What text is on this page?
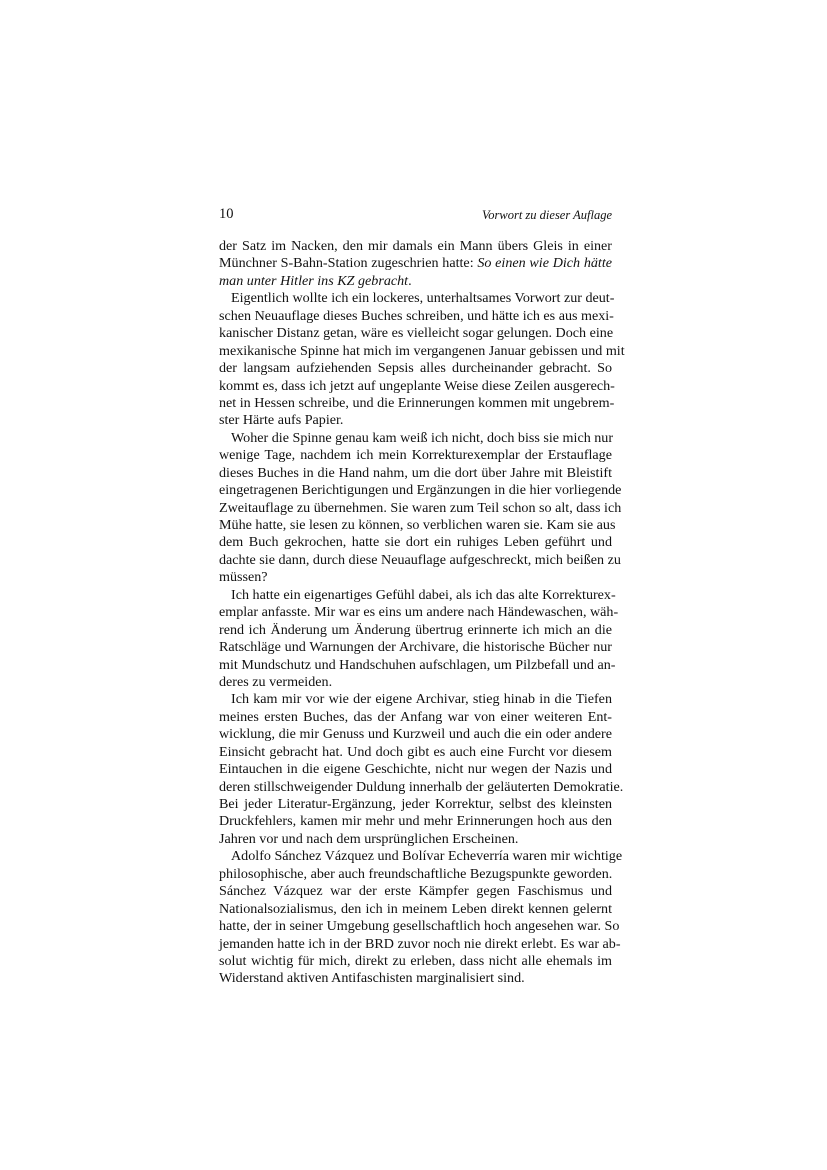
10	Vorwort zu dieser Auflage

der Satz im Nacken, den mir damals ein Mann übers Gleis in einer
Münchner S-Bahn-Station zugeschrien hatte: So einen wie Dich hätte
man unter Hitler ins KZ gebracht.

Eigentlich wollte ich ein lockeres, unterhaltsames Vorwort zur deut-
schen Neuauflage dieses Buches schreiben, und hätte ich es aus mexi-
kanischer Distanz getan, wäre es vielleicht sogar gelungen. Doch eine
mexikanische Spinne hat mich im vergangenen Januar gebissen und mit
der langsam aufziehenden Sepsis alles durcheinander gebracht. So
kommt es, dass ich jetzt auf ungeplante Weise diese Zeilen ausgerech-
net in Hessen schreibe, und die Erinnerungen kommen mit ungebrem-
ster Härte aufs Papier.

Woher die Spinne genau kam weiß ich nicht, doch biss sie mich nur
wenige Tage, nachdem ich mein Korrekturexemplar der Erstauflage
dieses Buches in die Hand nahm, um die dort über Jahre mit Bleistift
eingetragenen Berichtigungen und Ergänzungen in die hier vorliegende
Zweitauflage zu übernehmen. Sie waren zum Teil schon so alt, dass ich
Mühe hatte, sie lesen zu können, so verblichen waren sie. Kam sie aus
dem Buch gekrochen, hatte sie dort ein ruhiges Leben geführt und
dachte sie dann, durch diese Neuauflage aufgeschreckt, mich beißen zu
müssen?

Ich hatte ein eigenartiges Gefühl dabei, als ich das alte Korrekturex-
emplar anfasste. Mir war es eins um andere nach Händewaschen, wäh-
rend ich Änderung um Änderung übertrug erinnerte ich mich an die
Ratschläge und Warnungen der Archivare, die historische Bücher nur
mit Mundschutz und Handschuhen aufschlagen, um Pilzbefall und an-
deres zu vermeiden.

Ich kam mir vor wie der eigene Archivar, stieg hinab in die Tiefen
meines ersten Buches, das der Anfang war von einer weiteren Ent-
wicklung, die mir Genuss und Kurzweil und auch die ein oder andere
Einsicht gebracht hat. Und doch gibt es auch eine Furcht vor diesem
Eintauchen in die eigene Geschichte, nicht nur wegen der Nazis und
deren stillschweigender Duldung innerhalb der geläuterten Demokratie.
Bei jeder Literatur-Ergänzung, jeder Korrektur, selbst des kleinsten
Druckfehlers, kamen mir mehr und mehr Erinnerungen hoch aus den
Jahren vor und nach dem ursprünglichen Erscheinen.

Adolfo Sánchez Vázquez und Bolívar Echeverría waren mir wichtige
philosophische, aber auch freundschaftliche Bezugspunkte geworden.
Sánchez Vázquez war der erste Kämpfer gegen Faschismus und
Nationalsozialismus, den ich in meinem Leben direkt kennen gelernt
hatte, der in seiner Umgebung gesellschaftlich hoch angesehen war. So
jemanden hatte ich in der BRD zuvor noch nie direkt erlebt. Es war ab-
solut wichtig für mich, direkt zu erleben, dass nicht alle ehemals im
Widerstand aktiven Antifaschisten marginalisiert sind.
